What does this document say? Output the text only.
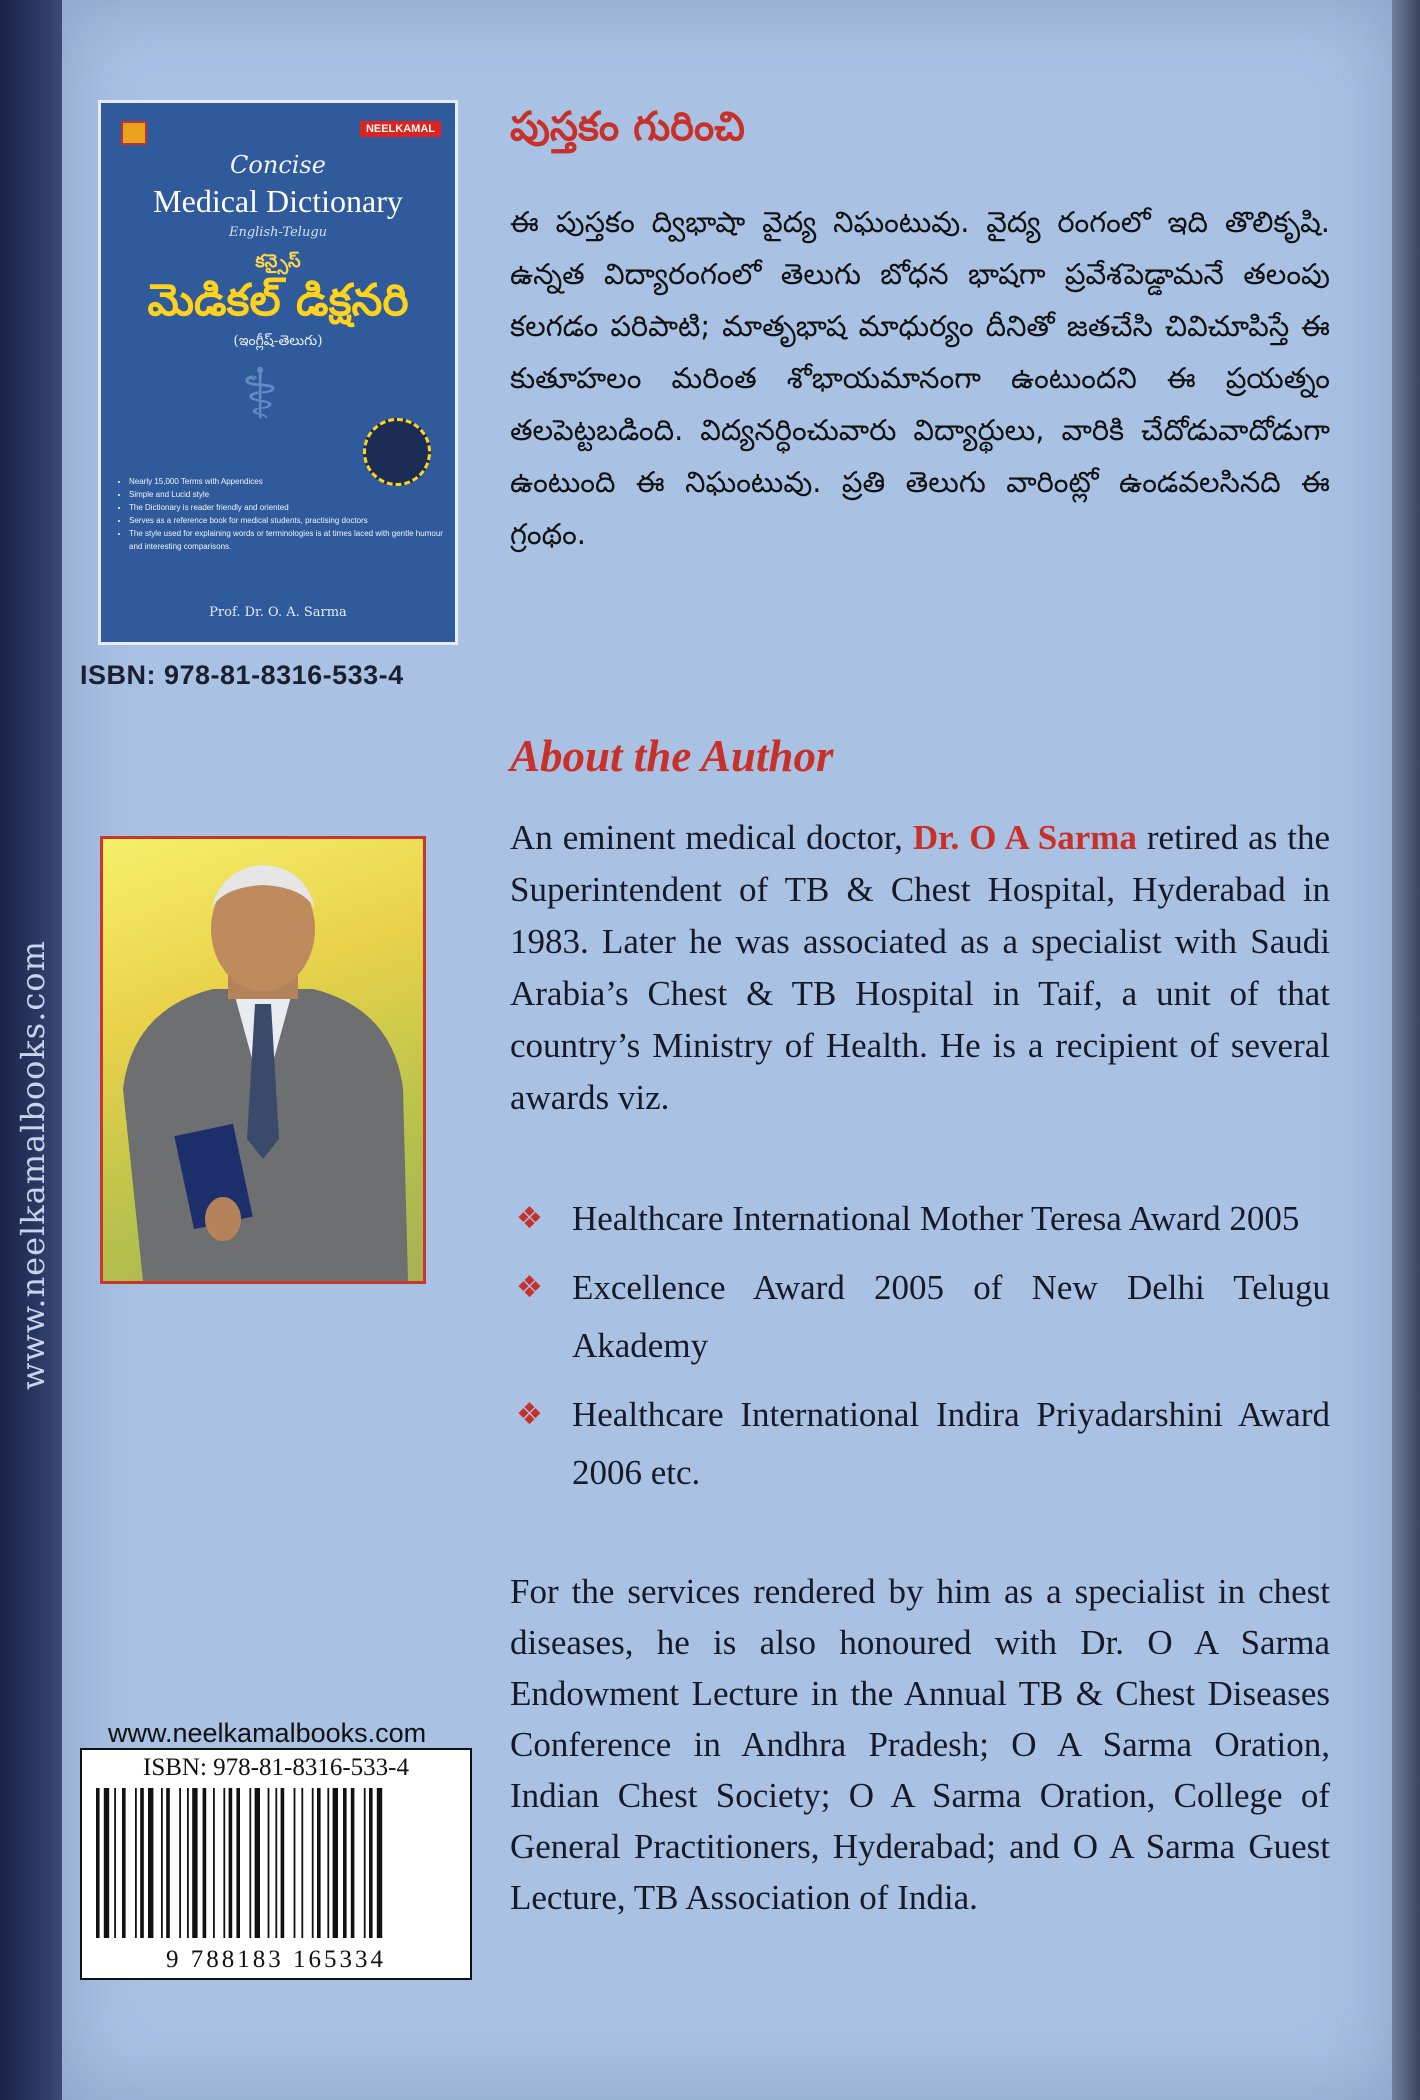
www.neelkamalbooks.com
NEELKAMAL
Concise
Medical Dictionary
English-Telugu
కన్సైస్
మెడికల్ డిక్షనరి
(ఇంగ్లీష్-తెలుగు)
⚕
• Nearly 15,000 Terms with Appendices
• Simple and Lucid style
• The Dictionary is reader friendly and oriented
• Serves as a reference book for medical students, practising doctors
• The style used for explaining words or terminologies is at times laced with gentle humour and interesting comparisons.
Prof. Dr. O. A. Sarma
ISBN: 978-81-8316-533-4
పుస్తకం గురించి
ఈ పుస్తకం ద్విభాషా వైద్య నిఘంటువు. వైద్య రంగంలో ఇది తొలికృషి. ఉన్నత విద్యారంగంలో తెలుగు బోధన భాషగా ప్రవేశపెడ్డామనే తలంపు కలగడం పరిపాటి; మాతృభాష మాధుర్యం దీనితో జతచేసి చివిచూపిస్తే ఈ కుతూహలం మరింత శోభాయమానంగా ఉంటుందని ఈ ప్రయత్నం తలపెట్టబడింది. విద్యనర్ధించువారు విద్యార్థులు, వారికి చేదోడువాదోడుగా ఉంటుంది ఈ నిఘంటువు. ప్రతి తెలుగు వారింట్లో ఉండవలసినది ఈ గ్రంథం.
About the Author
An eminent medical doctor, Dr. O A Sarma retired as the Superintendent of TB & Chest Hospital, Hyderabad in 1983. Later he was associated as a specialist with Saudi Arabia’s Chest & TB Hospital in Taif, a unit of that country’s Ministry of Health. He is a recipient of several awards viz.
❖ Healthcare International Mother Teresa Award 2005
❖ Excellence Award 2005 of New Delhi Telugu Akademy
❖ Healthcare International Indira Priyadarshini Award 2006 etc.
For the services rendered by him as a specialist in chest diseases, he is also honoured with Dr. O A Sarma Endowment Lecture in the Annual TB & Chest Diseases Conference in Andhra Pradesh; O A Sarma Oration, Indian Chest Society; O A Sarma Oration, College of General Practitioners, Hyderabad; and O A Sarma Guest Lecture, TB Association of India.
www.neelkamalbooks.com
ISBN: 978-81-8316-533-4
9 788183 165334
